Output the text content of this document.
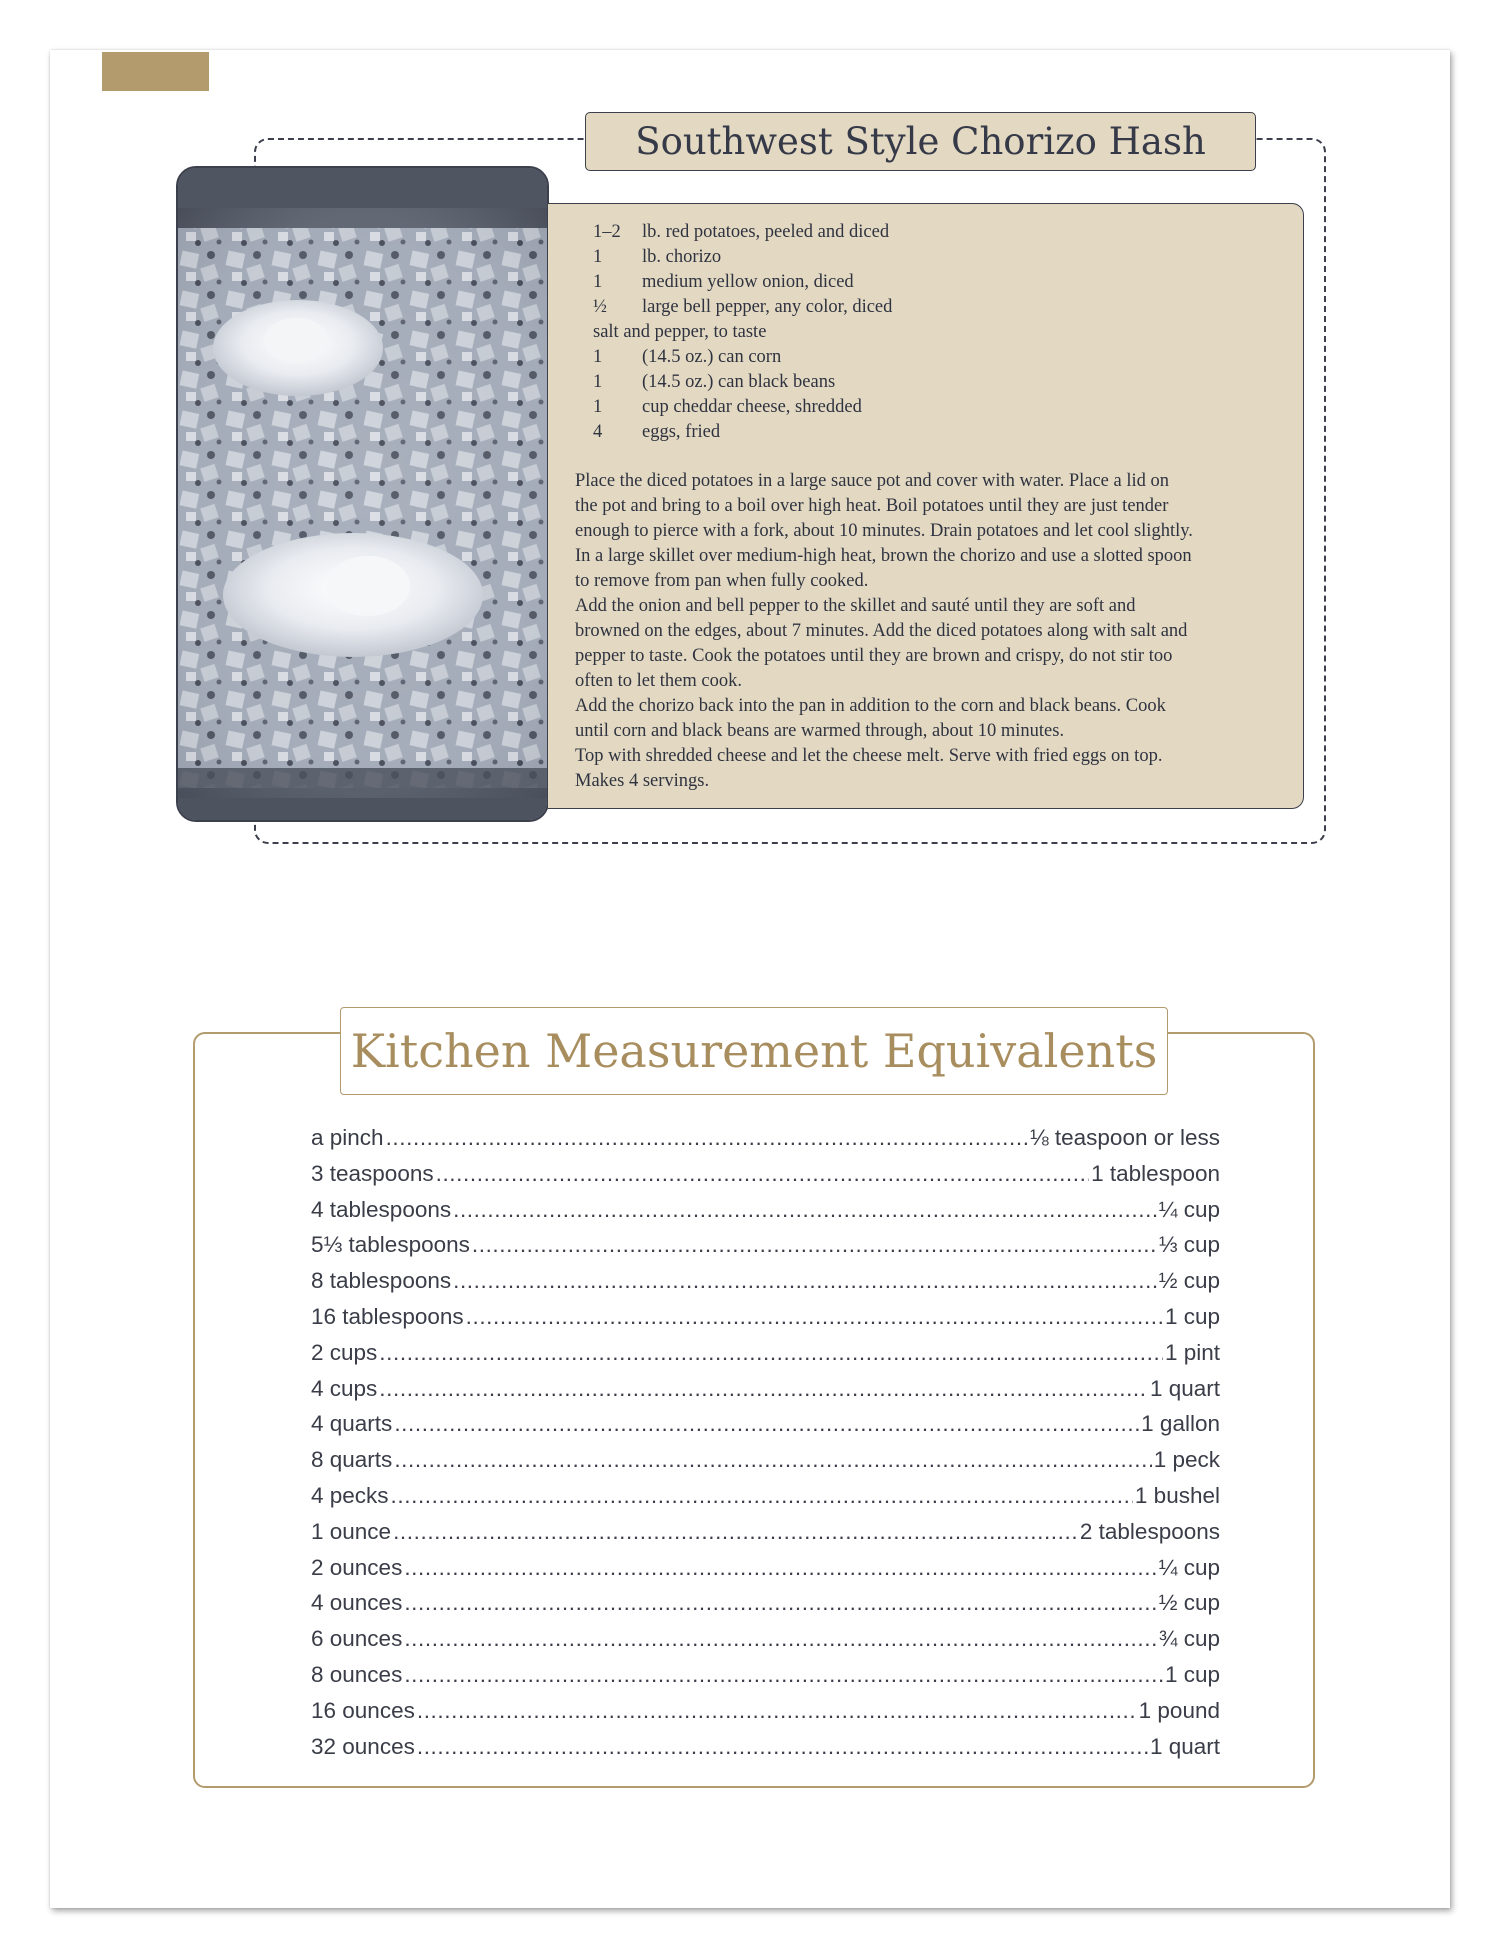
Southwest Style Chorizo Hash
1–2	lb. red potatoes, peeled and diced
1	lb. chorizo
1	medium yellow onion, diced
½	large bell pepper, any color, diced
salt and pepper, to taste
1	(14.5 oz.) can corn
1	(14.5 oz.) can black beans
1	cup cheddar cheese, shredded
4	eggs, fried

Place the diced potatoes in a large sauce pot and cover with water. Place a lid on
the pot and bring to a boil over high heat. Boil potatoes until they are just tender
enough to pierce with a fork, about 10 minutes. Drain potatoes and let cool slightly.
In a large skillet over medium-high heat, brown the chorizo and use a slotted spoon
to remove from pan when fully cooked.

Add the onion and bell pepper to the skillet and sauté until they are soft and
browned on the edges, about 7 minutes. Add the diced potatoes along with salt and
pepper to taste. Cook the potatoes until they are brown and crispy, do not stir too
often to let them cook.

Add the chorizo back into the pan in addition to the corn and black beans. Cook
until corn and black beans are warmed through, about 10 minutes.

Top with shredded cheese and let the cheese melt. Serve with fried eggs on top.
Makes 4 servings.

Kitchen Measurement Equivalents
a pinch .....	⅛ teaspoon or less
3 teaspoons .....	1 tablespoon
4 tablespoons .....	¼ cup
5⅓ tablespoons .....	⅓ cup
8 tablespoons .....	½ cup
16 tablespoons .....	1 cup
2 cups .....	1 pint
4 cups .....	1 quart
4 quarts .....	1 gallon
8 quarts .....	1 peck
4 pecks .....	1 bushel
1 ounce .....	2 tablespoons
2 ounces .....	¼ cup
4 ounces .....	½ cup
6 ounces .....	¾ cup
8 ounces .....	1 cup
16 ounces .....	1 pound
32 ounces .....	1 quart
